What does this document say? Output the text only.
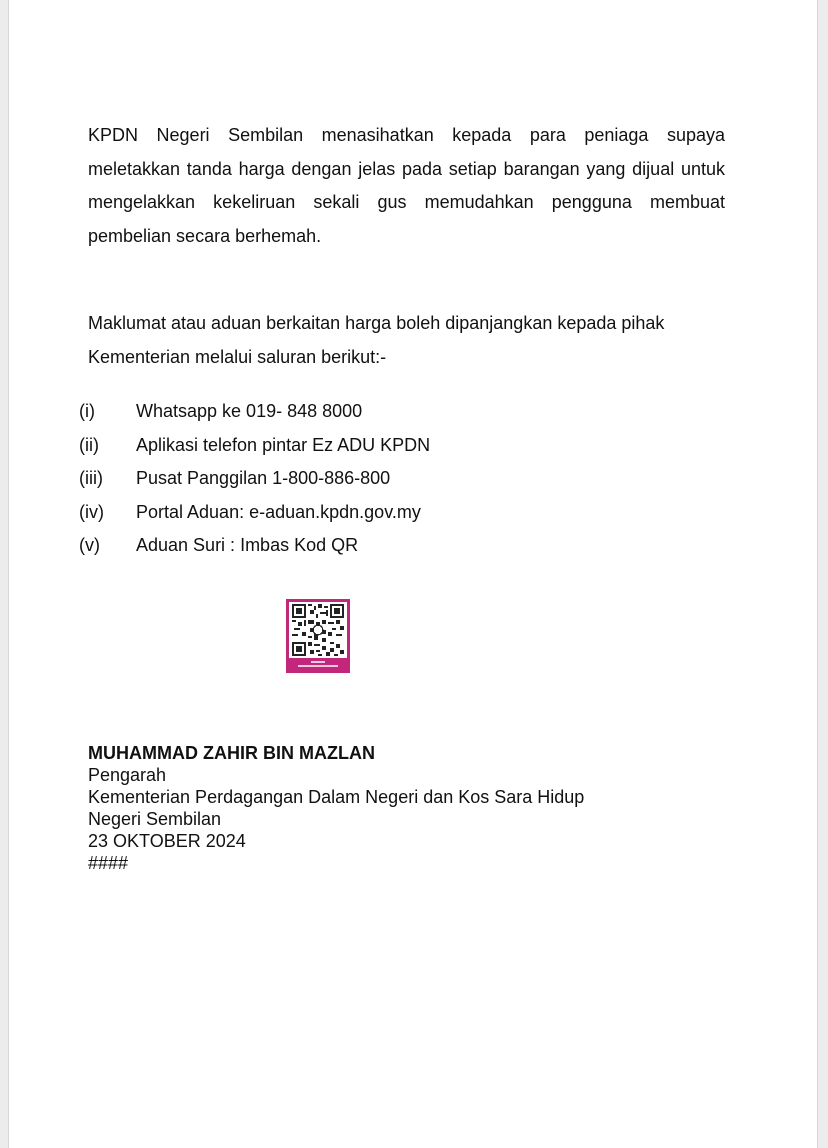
KPDN Negeri Sembilan menasihatkan kepada para peniaga supaya meletakkan tanda harga dengan jelas pada setiap barangan yang dijual untuk mengelakkan kekeliruan sekali gus memudahkan pengguna membuat pembelian secara berhemah.

Maklumat atau aduan berkaitan harga boleh dipanjangkan kepada pihak Kementerian melalui saluran berikut:-

(i) Whatsapp ke 019- 848 8000
(ii) Aplikasi telefon pintar Ez ADU KPDN
(iii) Pusat Panggilan 1-800-886-800
(iv) Portal Aduan: e-aduan.kpdn.gov.my
(v) Aduan Suri : Imbas Kod QR
MUHAMMAD ZAHIR BIN MAZLAN
Pengarah
Kementerian Perdagangan Dalam Negeri dan Kos Sara Hidup
Negeri Sembilan
23 OKTOBER 2024
####
